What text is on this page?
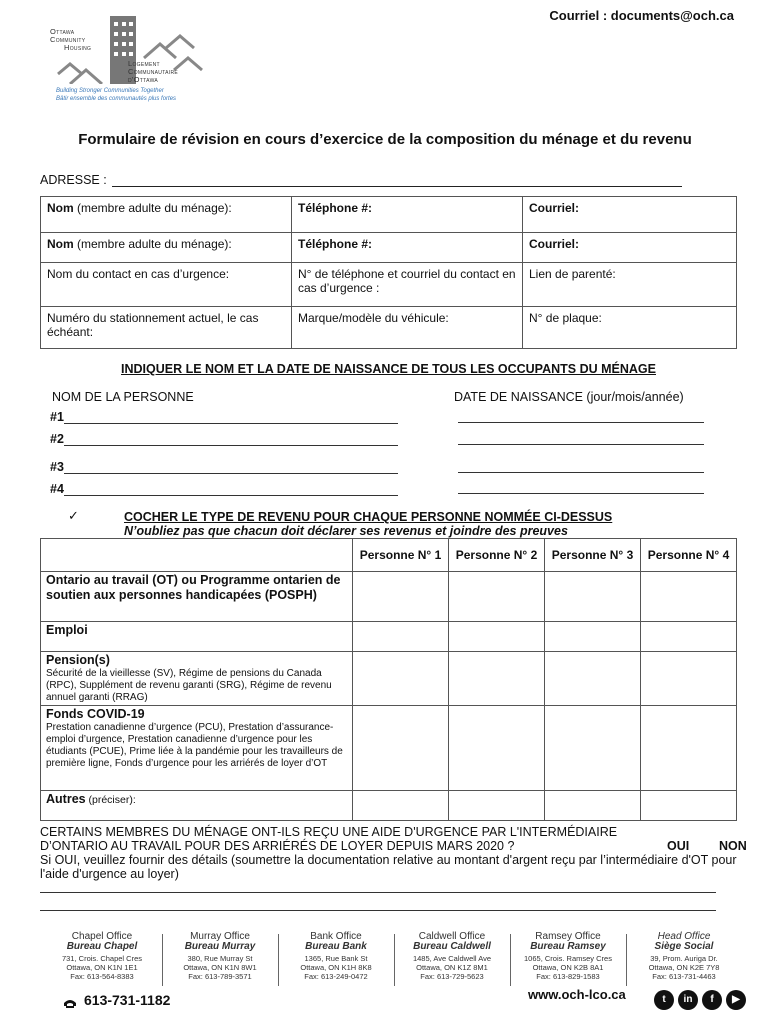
Courriel : documents@och.ca
Ottawa
Community
Housing
Logement
Communautaire
d'Ottawa
Building Stronger Communities Together
Bâtir ensemble des communautés plus fortes
Formulaire de révision en cours d’exercice de la composition du ménage et du revenu
ADRESSE :
Nom (membre adulte du ménage):	Téléphone #:	Courriel:
Nom (membre adulte du ménage):	Téléphone #:	Courriel:
Nom du contact en cas d’urgence:	N° de téléphone et courriel du contact en cas d’urgence :	Lien de parenté:
Numéro du stationnement actuel, le cas échéant:	Marque/modèle du véhicule:	N° de plaque:
INDIQUER LE NOM ET LA DATE DE NAISSANCE DE TOUS LES OCCUPANTS DU MÉNAGE
NOM DE LA PERSONNE	DATE DE NAISSANCE (jour/mois/année)
#1
#2
#3
#4
✓	COCHER LE TYPE DE REVENU POUR CHAQUE PERSONNE NOMMÉE CI-DESSUS
N’oubliez pas que chacun doit déclarer ses revenus et joindre des preuves
	Personne N° 1	Personne N° 2	Personne N° 3	Personne N° 4
Ontario au travail (OT) ou Programme ontarien de soutien aux personnes handicapées (POSPH)				
Emploi				

Pension(s)
Sécurité de la vieillesse (SV), Régime de pensions du Canada (RPC), Supplément de revenu garanti (SRG), Régime de revenu annuel garanti (RRAG)				

Fonds COVID-19
Prestation canadienne d’urgence (PCU), Prestation d’assurance-emploi d’urgence, Prestation canadienne d’urgence pour les étudiants (PCUE), Prime liée à la pandémie pour les travailleurs de première ligne, Fonds d’urgence pour les arriérés de loyer d’OT				

Autres (préciser):				
CERTAINS MEMBRES DU MÉNAGE ONT-ILS REÇU UNE AIDE D'URGENCE PAR L'INTERMÉDIAIRE D’ONTARIO AU TRAVAIL POUR DES ARRIÉRÉS DE LOYER DEPUIS MARS 2020 ?	OUI NON
Si OUI, veuillez fournir des détails (soumettre la documentation relative au montant d'argent reçu par l’intermédiaire d'OT pour l'aide d'urgence au loyer)
Chapel Office
Bureau Chapel
731, Crois. Chapel Cres
Ottawa, ON K1N 1E1
Fax: 613-564-8383
Murray Office
Bureau Murray
380, Rue Murray St
Ottawa, ON K1N 8W1
Fax: 613-789-3571
Bank Office
Bureau Bank
1365, Rue Bank St
Ottawa, ON K1H 8K8
Fax: 613-249-0472
Caldwell Office
Bureau Caldwell
1485, Ave Caldwell Ave
Ottawa, ON K1Z 8M1
Fax: 613-729-5623
Ramsey Office
Bureau Ramsey
1065, Crois. Ramsey Cres
Ottawa, ON K2B 8A1
Fax: 613-829-1583
Head Office
Siège Social
39, Prom. Auriga Dr.
Ottawa, ON K2E 7Y8
Fax: 613-731-4463
613-731-1182	www.och-lco.ca	t	in	f	▶
